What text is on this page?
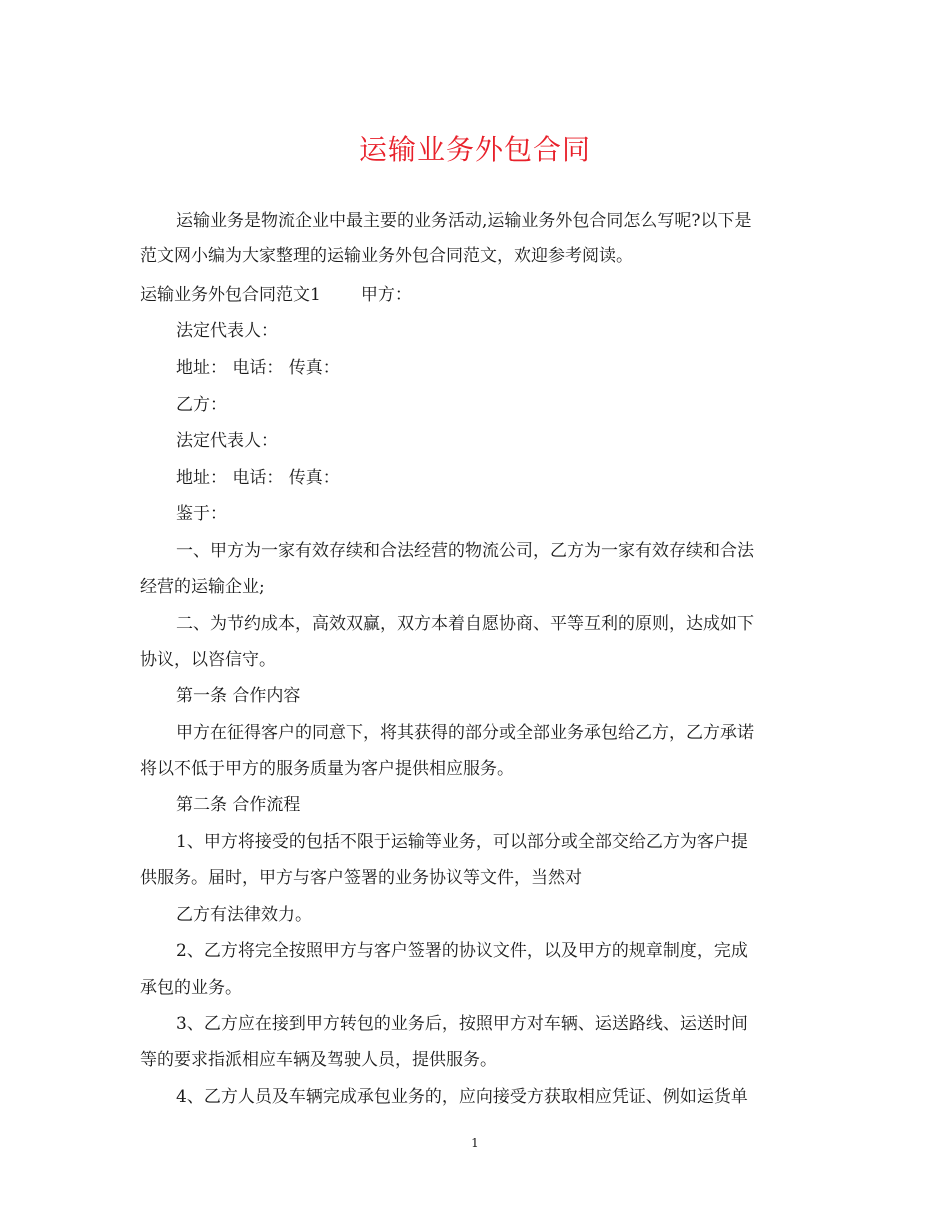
运输业务外包合同
运输业务是物流企业中最主要的业务活动,运输业务外包合同怎么写呢?以下是
范文网小编为大家整理的运输业务外包合同范文，欢迎参考阅读。
运输业务外包合同范文1 甲方：
法定代表人：
地址： 电话： 传真：
乙方：
法定代表人：
地址： 电话： 传真：
鉴于：
一、甲方为一家有效存续和合法经营的物流公司，乙方为一家有效存续和合法
经营的运输企业;
二、为节约成本，高效双赢，双方本着自愿协商、平等互利的原则，达成如下
协议，以咨信守。
第一条 合作内容
甲方在征得客户的同意下，将其获得的部分或全部业务承包给乙方，乙方承诺
将以不低于甲方的服务质量为客户提供相应服务。
第二条 合作流程
1、甲方将接受的包括不限于运输等业务，可以部分或全部交给乙方为客户提
供服务。届时，甲方与客户签署的业务协议等文件，当然对
乙方有法律效力。
2、乙方将完全按照甲方与客户签署的协议文件，以及甲方的规章制度，完成
承包的业务。
3、乙方应在接到甲方转包的业务后，按照甲方对车辆、运送路线、运送时间
等的要求指派相应车辆及驾驶人员，提供服务。
4、乙方人员及车辆完成承包业务的，应向接受方获取相应凭证、例如运货单
1
